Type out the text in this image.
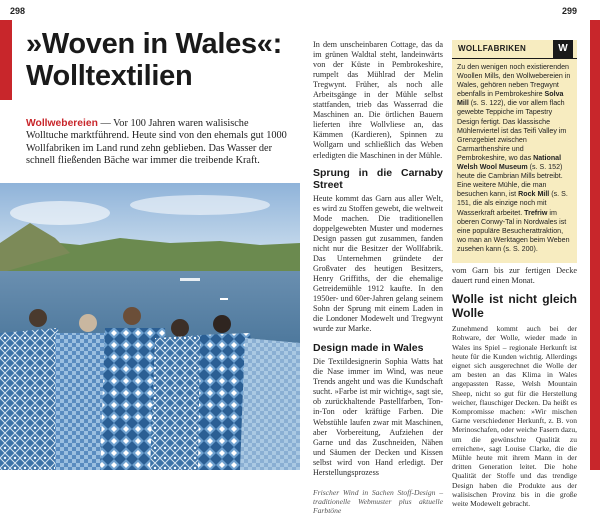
298
»Woven in Wales«: Wolltextilien
Wollwebereien — Vor 100 Jahren waren walisische Wolltuche marktführend. Heute sind von den ehemals gut 1000 Wollfabriken im Land rund zehn geblieben. Das Wasser der schnell fließenden Bäche war immer die treibende Kraft.

In dem unscheinbaren Cottage, das da im grünen Waldtal steht, landeinwärts von der Küste in Pembrokeshire, rumpelt das Mühlrad der Melin Tregwynt. Früher, als noch alle Arbeitsgänge in der Mühle selbst stattfanden, trieb das Wasserrad die Maschinen an. Die örtlichen Bauern lieferten ihre Wollvliese an, das Kämmen (Kardieren), Spinnen zu Wollgarn und schließlich das Weben erledigten die Maschinen in der Mühle.

Sprung in die Carnaby Street

Heute kommt das Garn aus aller Welt, es wird zu Stoffen gewebt, die weltweit Mode machen. Die traditionellen doppelgewebten Muster und modernes Design passen gut zusammen, fanden nicht nur die Besitzer der Wollfabrik. Das Unternehmen gründete der Großvater des heutigen Besitzers, Henry Griffiths, der die ehemalige Getreidemühle 1912 kaufte. In den 1950er- und 60er-Jahren gelang seinem Sohn der Sprung mit einem Laden in die Londoner Modewelt und Tregwynt wurde zur Marke.

Design made in Wales

Die Textildesignerin Sophia Watts hat die Nase immer im Wind, was neue Trends angeht und was die Kundschaft sucht. »Farbe ist mir wichtig«, sagt sie, ob zurückhaltende Pastellfarben, Ton-in-Ton oder kräftige Farben. Die Webstühle laufen zwar mit Maschinen, aber Vorbereitung, Aufziehen der Garne und das Zuschneiden, Nähen und Säumen der Decken und Kissen selbst wird von Hand erledigt. Der Herstellungsprozess

Frischer Wind in Sachen Stoff-Design – traditionelle Webmuster plus aktuelle Farbtöne

299
WOLLFABRIKEN	W
Zu den wenigen noch existierenden Woollen Mills, den Wollwebereien in Wales, gehören neben Tregwynt ebenfalls in Pembrokeshire Solva Mill (s. S. 122), die vor allem flach gewebte Teppiche im Tapestry Design fertigt. Das klassische Mühlenviertel ist das Teifi Valley im Grenzgebiet zwischen Carmarthenshire und Pembrokeshire, wo das National Welsh Wool Museum (s. S. 152) heute die Cambrian Mills betreibt. Eine weitere Mühle, die man besuchen kann, ist Rock Mill (s. S. 151, die als einzige noch mit Wasserkraft arbeitet. Trefriw im oberen Conwy-Tal in Nordwales ist eine populäre Besucherattraktion, wo man an Werktagen beim Weben zusehen kann (s. S. 200).

vom Garn bis zur fertigen Decke dauert rund einen Monat.

Wolle ist nicht gleich Wolle

Zunehmend kommt auch bei der Rohware, der Wolle, wieder made in Wales ins Spiel – regionale Herkunft ist heute für die Kunden wichtig. Allerdings eignet sich ausgerechnet die Wolle der am besten an das Klima in Wales angepassten Rasse, Welsh Mountain Sheep, nicht so gut für die Herstellung weicher, flauschiger Decken. Da heißt es Kompromisse machen: »Wir mischen Garne verschiedener Herkunft, z. B. von Merinoschafen, oder weiche Fasern dazu, um die gewünschte Qualität zu erreichen«, sagt Louise Clarke, die die Mühle heute mit ihrem Mann in der dritten Generation leitet. Die hohe Qualität der Stoffe und das trendige Design haben die Produkte aus der walisischen Provinz bis in die große weite Modewelt gebracht.
